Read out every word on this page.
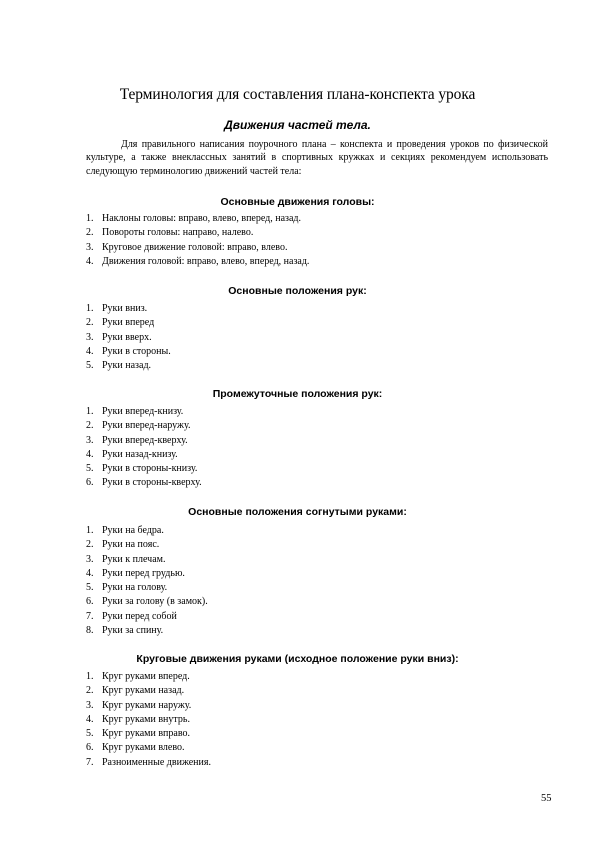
Терминология для составления плана-конспекта урока
Движения частей тела.
Для правильного написания поурочного плана – конспекта и проведения уроков по физической культуре, а также внеклассных занятий в спортивных кружках и секциях рекомендуем использовать следующую терминологию движений частей тела:
Основные движения головы:
1. Наклоны головы: вправо, влево, вперед, назад.
2. Повороты головы: направо, налево.
3. Круговое движение головой: вправо, влево.
4. Движения головой: вправо, влево, вперед, назад.
Основные положения рук:
1. Руки вниз.
2. Руки вперед
3. Руки вверх.
4. Руки в стороны.
5. Руки назад.
Промежуточные положения рук:
1. Руки вперед-книзу.
2. Руки вперед-наружу.
3. Руки вперед-кверху.
4. Руки назад-книзу.
5. Руки в стороны-книзу.
6. Руки в стороны-кверху.
Основные положения согнутыми руками:
1. Руки на бедра.
2. Руки на пояс.
3. Руки к плечам.
4. Руки перед грудью.
5. Руки на голову.
6. Руки за голову (в замок).
7. Руки перед собой
8. Руки за спину.
Круговые движения руками (исходное положение руки вниз):
1. Круг руками вперед.
2. Круг руками назад.
3. Круг руками наружу.
4. Круг руками внутрь.
5. Круг руками вправо.
6. Круг руками влево.
7. Разноименные движения.
55
